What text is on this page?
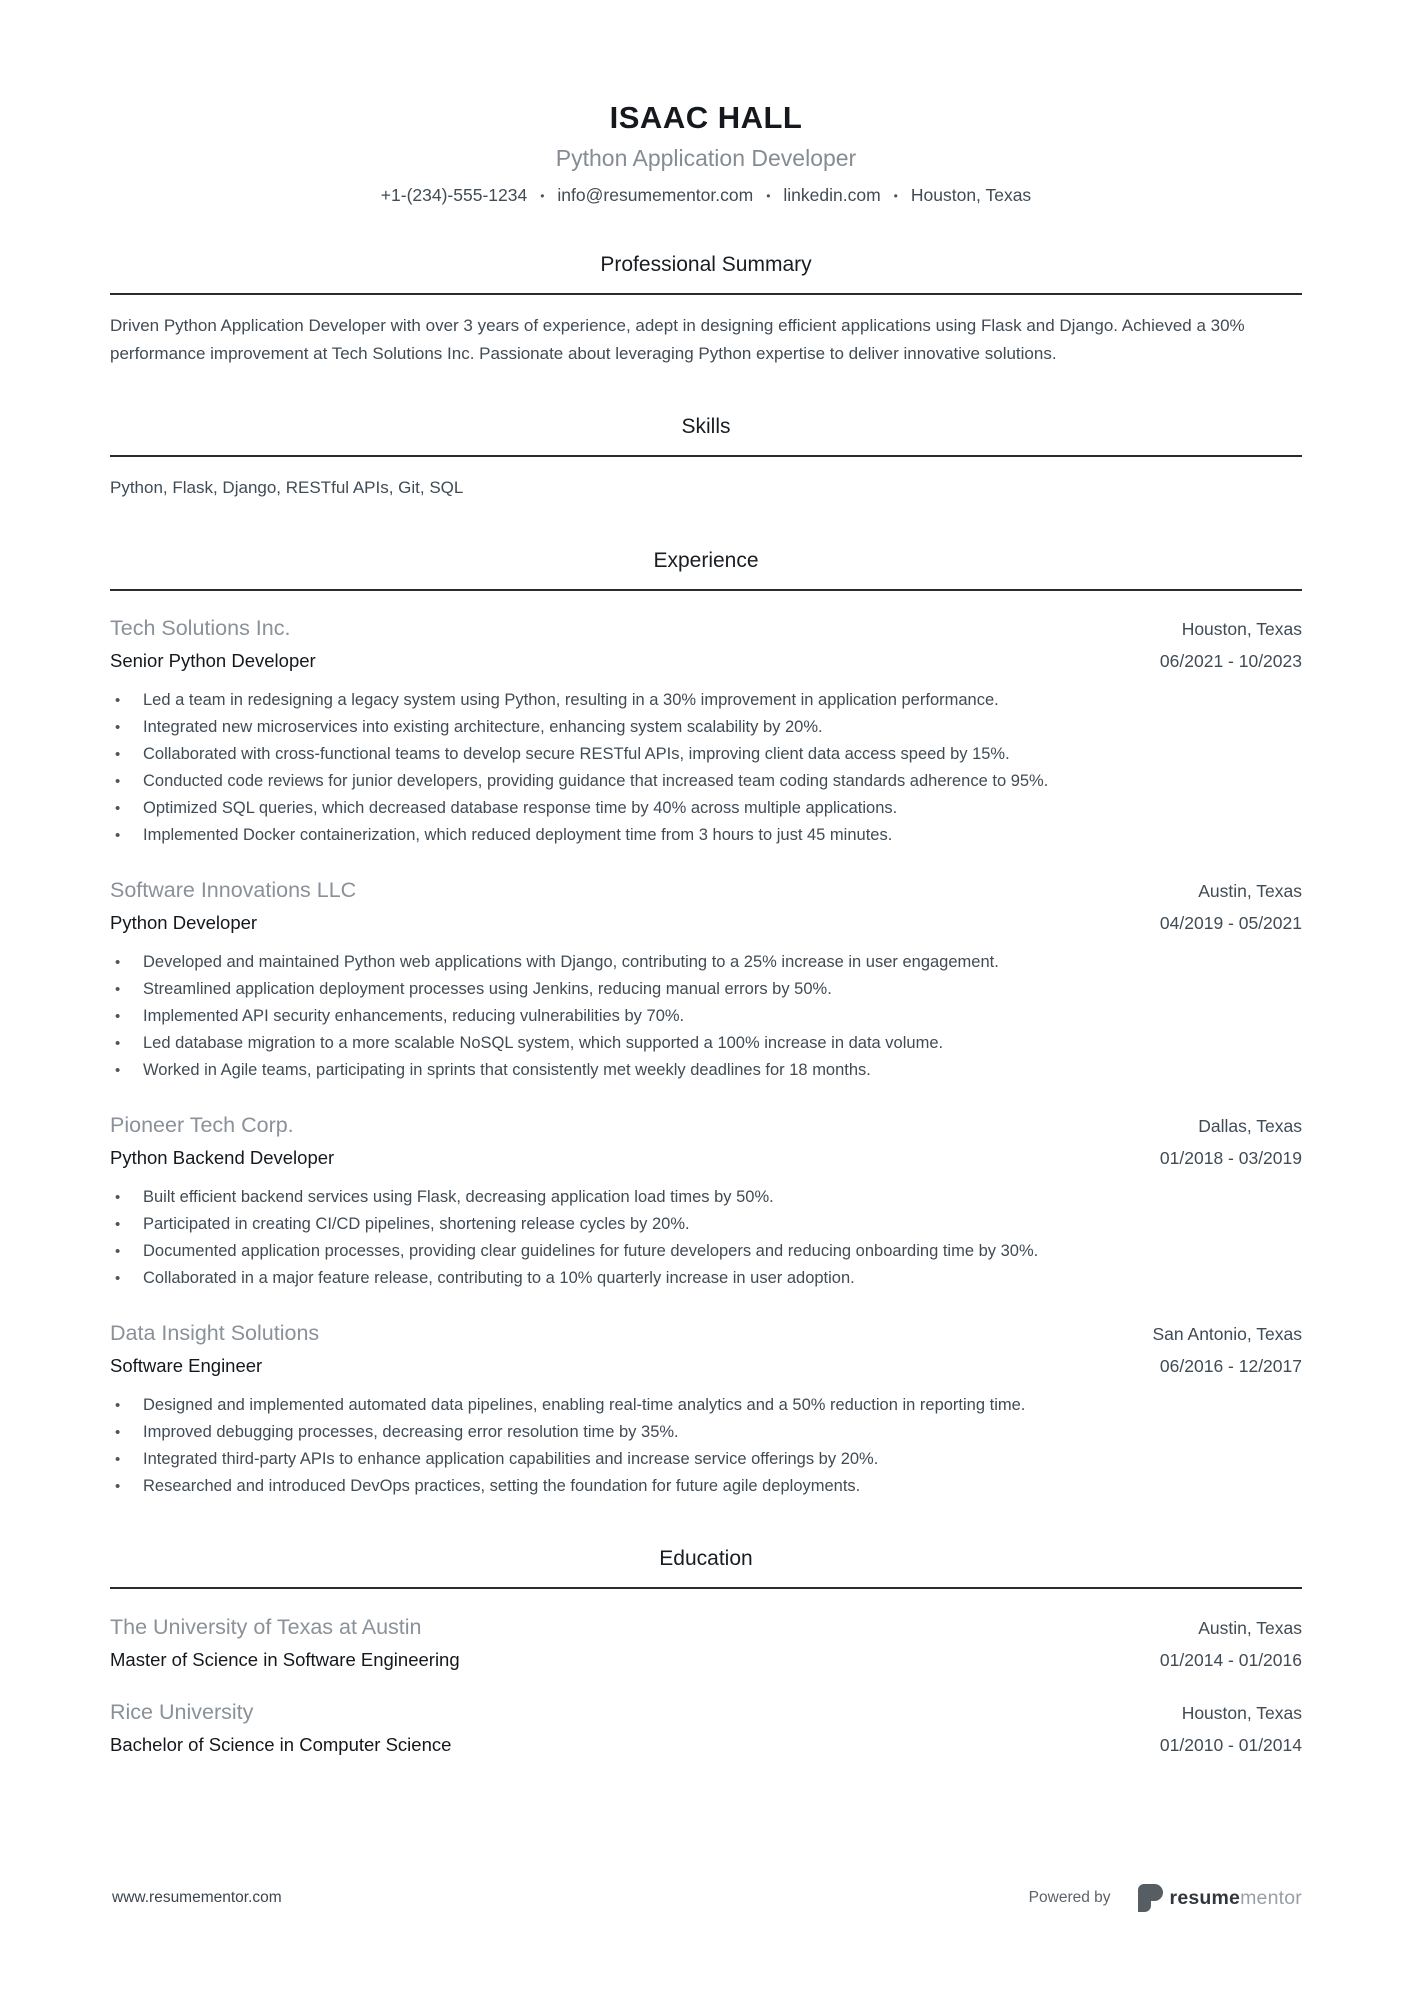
ISAAC HALL
Python Application Developer
+1-(234)-555-1234 • info@resumementor.com • linkedin.com • Houston, Texas
Professional Summary
Driven Python Application Developer with over 3 years of experience, adept in designing efficient applications using Flask and Django. Achieved a 30% performance improvement at Tech Solutions Inc. Passionate about leveraging Python expertise to deliver innovative solutions.
Skills
Python, Flask, Django, RESTful APIs, Git, SQL
Experience
Tech Solutions Inc.	Houston, Texas
Senior Python Developer	06/2021 - 10/2023
• Led a team in redesigning a legacy system using Python, resulting in a 30% improvement in application performance.
• Integrated new microservices into existing architecture, enhancing system scalability by 20%.
• Collaborated with cross-functional teams to develop secure RESTful APIs, improving client data access speed by 15%.
• Conducted code reviews for junior developers, providing guidance that increased team coding standards adherence to 95%.
• Optimized SQL queries, which decreased database response time by 40% across multiple applications.
• Implemented Docker containerization, which reduced deployment time from 3 hours to just 45 minutes.
Software Innovations LLC	Austin, Texas
Python Developer	04/2019 - 05/2021
• Developed and maintained Python web applications with Django, contributing to a 25% increase in user engagement.
• Streamlined application deployment processes using Jenkins, reducing manual errors by 50%.
• Implemented API security enhancements, reducing vulnerabilities by 70%.
• Led database migration to a more scalable NoSQL system, which supported a 100% increase in data volume.
• Worked in Agile teams, participating in sprints that consistently met weekly deadlines for 18 months.
Pioneer Tech Corp.	Dallas, Texas
Python Backend Developer	01/2018 - 03/2019
• Built efficient backend services using Flask, decreasing application load times by 50%.
• Participated in creating CI/CD pipelines, shortening release cycles by 20%.
• Documented application processes, providing clear guidelines for future developers and reducing onboarding time by 30%.
• Collaborated in a major feature release, contributing to a 10% quarterly increase in user adoption.
Data Insight Solutions	San Antonio, Texas
Software Engineer	06/2016 - 12/2017
• Designed and implemented automated data pipelines, enabling real-time analytics and a 50% reduction in reporting time.
• Improved debugging processes, decreasing error resolution time by 35%.
• Integrated third-party APIs to enhance application capabilities and increase service offerings by 20%.
• Researched and introduced DevOps practices, setting the foundation for future agile deployments.
Education
The University of Texas at Austin	Austin, Texas
Master of Science in Software Engineering	01/2014 - 01/2016
Rice University	Houston, Texas
Bachelor of Science in Computer Science	01/2010 - 01/2014
www.resumementor.com	Powered by	resumementor
